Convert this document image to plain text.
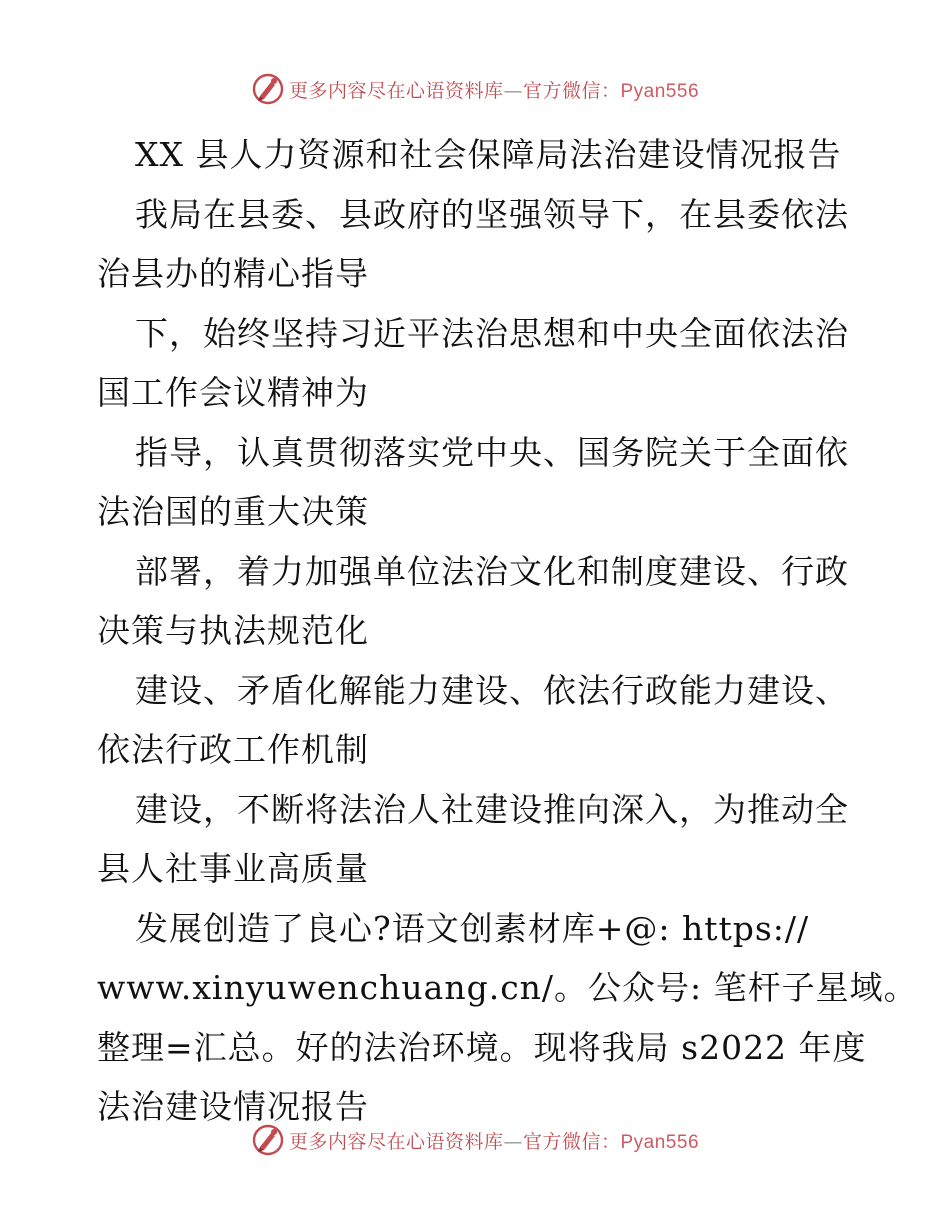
更多内容尽在心语资料库—官方微信：Pyan556
XX 县人力资源和社会保障局法治建设情况报告
我局在县委、县政府的坚强领导下，在县委依法
治县办的精心指导
下，始终坚持习近平法治思想和中央全面依法治
国工作会议精神为
指导，认真贯彻落实党中央、国务院关于全面依
法治国的重大决策
部署，着力加强单位法治文化和制度建设、行政
决策与执法规范化
建设、矛盾化解能力建设、依法行政能力建设、
依法行政工作机制
建设，不断将法治人社建设推向深入，为推动全
县人社事业高质量
发展创造了良心?语文创素材库+@: https://
www.xinyuwenchuang.cn/。公众号: 笔杆子星域。
整理=汇总。好的法治环境。现将我局 s2022 年度
法治建设情况报告
更多内容尽在心语资料库—官方微信：Pyan556
